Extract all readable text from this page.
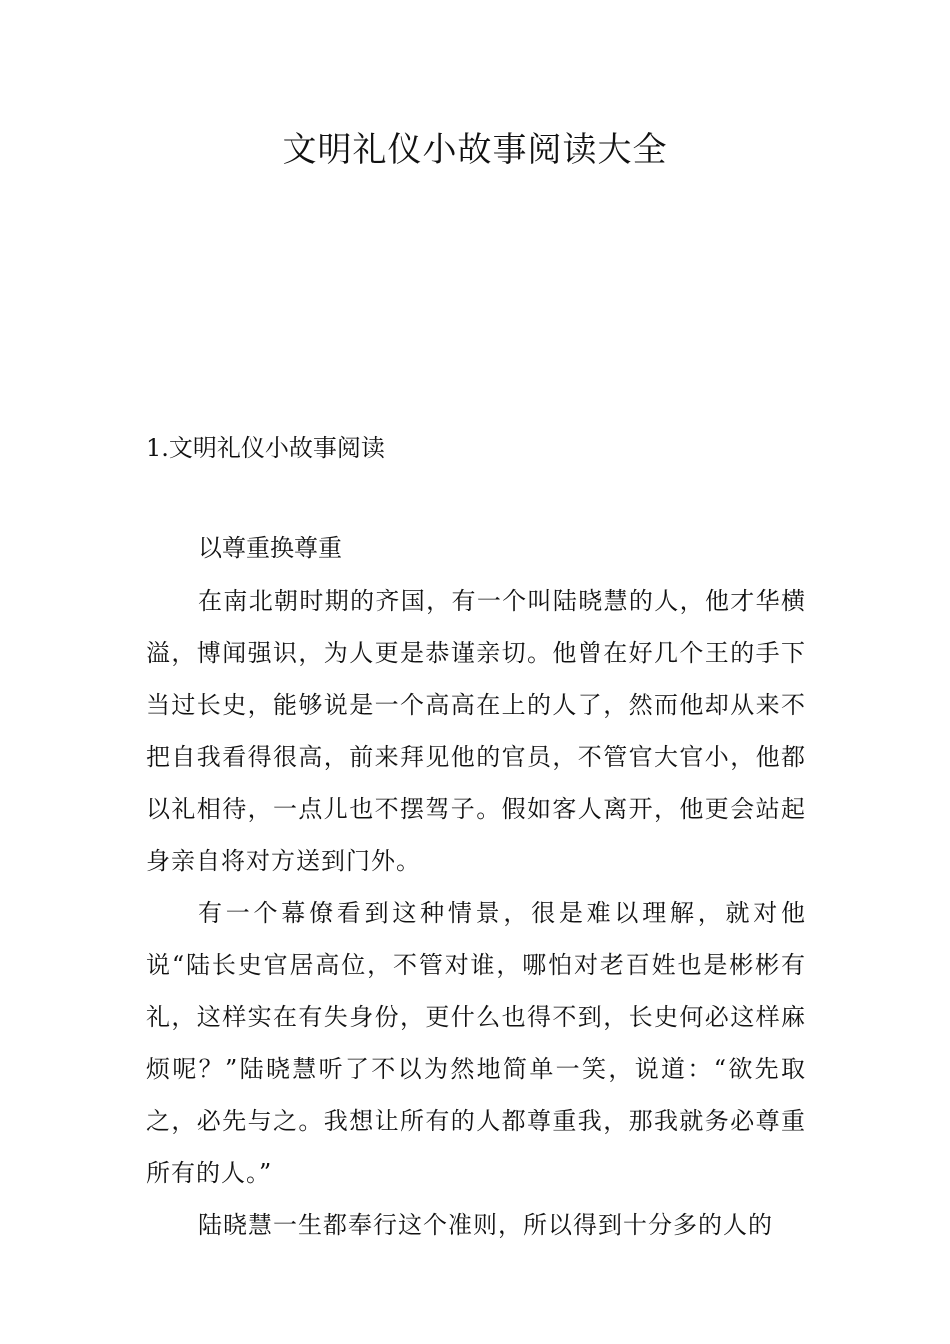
文明礼仪小故事阅读大全
1.文明礼仪小故事阅读
以尊重换尊重

在南北朝时期的齐国，有一个叫陆晓慧的人，他才华横溢，博闻强识，为人更是恭谨亲切。他曾在好几个王的手下当过长史，能够说是一个高高在上的人了，然而他却从来不把自我看得很高，前来拜见他的官员，不管官大官小，他都以礼相待，一点儿也不摆驾子。假如客人离开，他更会站起身亲自将对方送到门外。

有一个幕僚看到这种情景，很是难以理解，就对他说“陆长史官居高位，不管对谁，哪怕对老百姓也是彬彬有礼，这样实在有失身份，更什么也得不到，长史何必这样麻烦呢？”陆晓慧听了不以为然地简单一笑，说道：“欲先取之，必先与之。我想让所有的人都尊重我，那我就务必尊重所有的人。”

陆晓慧一生都奉行这个准则，所以得到十分多的人的
